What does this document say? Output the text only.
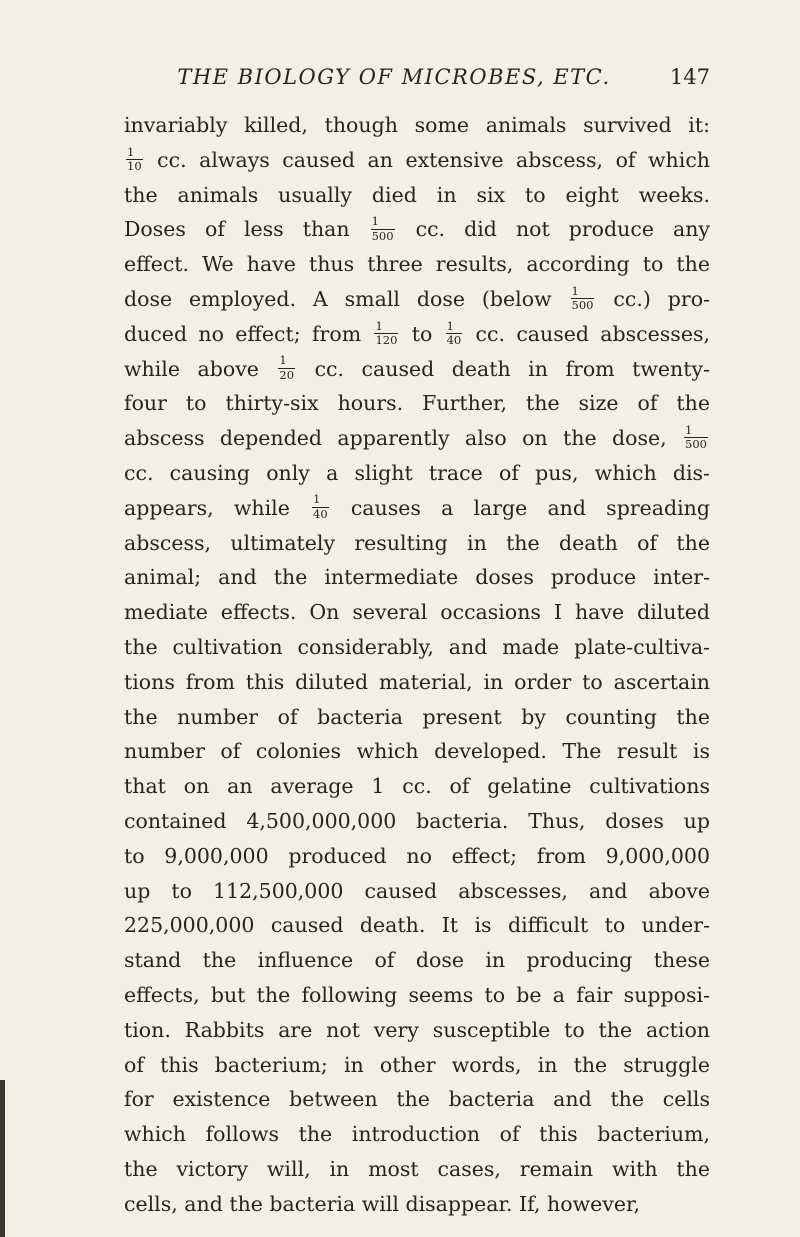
THE BIOLOGY OF MICROBES, ETC.	147
invariably killed, though some animals survived it:
$\frac{1}{10}$ cc. always caused an extensive abscess, of which
the animals usually died in six to eight weeks.
Doses of less than $\frac{1}{500}$ cc. did not produce any
effect. We have thus three results, according to the
dose employed. A small dose (below $\frac{1}{500} cc$.) pro-
duced no effect; from $\frac{1}{120}$ to $\frac{1}{40}$ cc. caused abscesses,
while above $\frac{1}{20}$ cc. caused death in from twenty-
four to thirty-six hours. Further, the size of the
abscess depended apparently also on the dose, $\frac{1}{500}$
cc. causing only a slight trace of pus, which dis-
appears, while $\frac{1}{40}$ causes a large and spreading
abscess, ultimately resulting in the death of the
animal; and the intermediate doses produce inter-
mediate effects. On several occasions I have diluted
the cultivation considerably, and made plate-cultiva-
tions from this diluted material, in order to ascertain
the number of bacteria present by counting the
number of colonies which developed. The result is
that on an average 1 cc. of gelatine cultivations
contained 4,500,000,000 bacteria. Thus, doses up
to 9,000,000 produced no effect; from 9,000,000
up to 112,500,000 caused abscesses, and above
225,000,000 caused death. It is difficult to under-
stand the influence of dose in producing these
effects, but the following seems to be a fair supposi-
tion. Rabbits are not very susceptible to the action
of this bacterium; in other words, in the struggle
for existence between the bacteria and the cells
which follows the introduction of this bacterium,
the victory will, in most cases, remain with the
cells, and the bacteria will disappear. If, however,
